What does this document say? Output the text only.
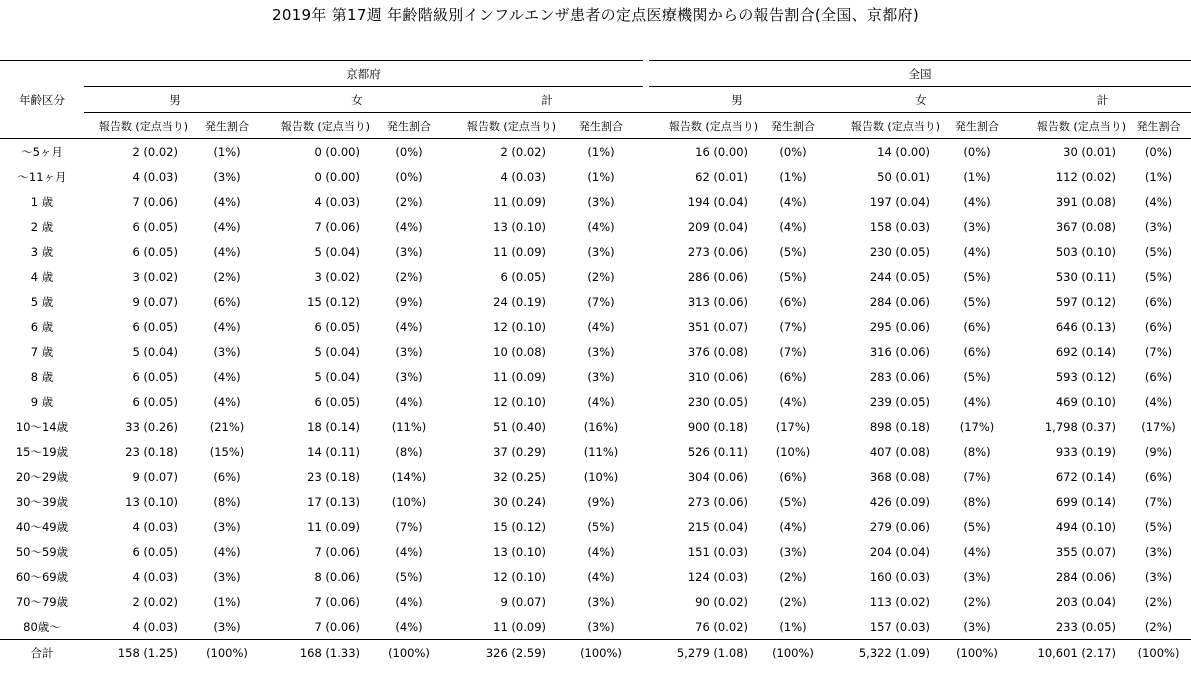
2019年 第17週 年齢階級別インフルエンザ患者の定点医療機関からの報告割合(全国、京都府)
	京都府						全国					
年齢区分	男		女		計		男		女		計	
	報告数 (定点当り)	発生割合	報告数 (定点当り)	発生割合	報告数 (定点当り)	発生割合	報告数 (定点当り)	発生割合	報告数 (定点当り)	発生割合	報告数 (定点当り)	発生割合
～5ヶ月	2 (0.02)	(1%)	0 (0.00)	(0%)	2 (0.02)	(1%)	16 (0.00)	(0%)	14 (0.00)	(0%)	30 (0.01)	(0%)
～11ヶ月	4 (0.03)	(3%)	0 (0.00)	(0%)	4 (0.03)	(1%)	62 (0.01)	(1%)	50 (0.01)	(1%)	112 (0.02)	(1%)
1 歳	7 (0.06)	(4%)	4 (0.03)	(2%)	11 (0.09)	(3%)	194 (0.04)	(4%)	197 (0.04)	(4%)	391 (0.08)	(4%)
2 歳	6 (0.05)	(4%)	7 (0.06)	(4%)	13 (0.10)	(4%)	209 (0.04)	(4%)	158 (0.03)	(3%)	367 (0.08)	(3%)
3 歳	6 (0.05)	(4%)	5 (0.04)	(3%)	11 (0.09)	(3%)	273 (0.06)	(5%)	230 (0.05)	(4%)	503 (0.10)	(5%)
4 歳	3 (0.02)	(2%)	3 (0.02)	(2%)	6 (0.05)	(2%)	286 (0.06)	(5%)	244 (0.05)	(5%)	530 (0.11)	(5%)
5 歳	9 (0.07)	(6%)	15 (0.12)	(9%)	24 (0.19)	(7%)	313 (0.06)	(6%)	284 (0.06)	(5%)	597 (0.12)	(6%)
6 歳	6 (0.05)	(4%)	6 (0.05)	(4%)	12 (0.10)	(4%)	351 (0.07)	(7%)	295 (0.06)	(6%)	646 (0.13)	(6%)
7 歳	5 (0.04)	(3%)	5 (0.04)	(3%)	10 (0.08)	(3%)	376 (0.08)	(7%)	316 (0.06)	(6%)	692 (0.14)	(7%)
8 歳	6 (0.05)	(4%)	5 (0.04)	(3%)	11 (0.09)	(3%)	310 (0.06)	(6%)	283 (0.06)	(5%)	593 (0.12)	(6%)
9 歳	6 (0.05)	(4%)	6 (0.05)	(4%)	12 (0.10)	(4%)	230 (0.05)	(4%)	239 (0.05)	(4%)	469 (0.10)	(4%)
10～14歳	33 (0.26)	(21%)	18 (0.14)	(11%)	51 (0.40)	(16%)	900 (0.18)	(17%)	898 (0.18)	(17%)	1,798 (0.37)	(17%)
15～19歳	23 (0.18)	(15%)	14 (0.11)	(8%)	37 (0.29)	(11%)	526 (0.11)	(10%)	407 (0.08)	(8%)	933 (0.19)	(9%)
20～29歳	9 (0.07)	(6%)	23 (0.18)	(14%)	32 (0.25)	(10%)	304 (0.06)	(6%)	368 (0.08)	(7%)	672 (0.14)	(6%)
30～39歳	13 (0.10)	(8%)	17 (0.13)	(10%)	30 (0.24)	(9%)	273 (0.06)	(5%)	426 (0.09)	(8%)	699 (0.14)	(7%)
40～49歳	4 (0.03)	(3%)	11 (0.09)	(7%)	15 (0.12)	(5%)	215 (0.04)	(4%)	279 (0.06)	(5%)	494 (0.10)	(5%)
50～59歳	6 (0.05)	(4%)	7 (0.06)	(4%)	13 (0.10)	(4%)	151 (0.03)	(3%)	204 (0.04)	(4%)	355 (0.07)	(3%)
60～69歳	4 (0.03)	(3%)	8 (0.06)	(5%)	12 (0.10)	(4%)	124 (0.03)	(2%)	160 (0.03)	(3%)	284 (0.06)	(3%)
70～79歳	2 (0.02)	(1%)	7 (0.06)	(4%)	9 (0.07)	(3%)	90 (0.02)	(2%)	113 (0.02)	(2%)	203 (0.04)	(2%)
80歳～	4 (0.03)	(3%)	7 (0.06)	(4%)	11 (0.09)	(3%)	76 (0.02)	(1%)	157 (0.03)	(3%)	233 (0.05)	(2%)
合計	158 (1.25)	(100%)	168 (1.33)	(100%)	326 (2.59)	(100%)	5,279 (1.08)	(100%)	5,322 (1.09)	(100%)	10,601 (2.17)	(100%)
